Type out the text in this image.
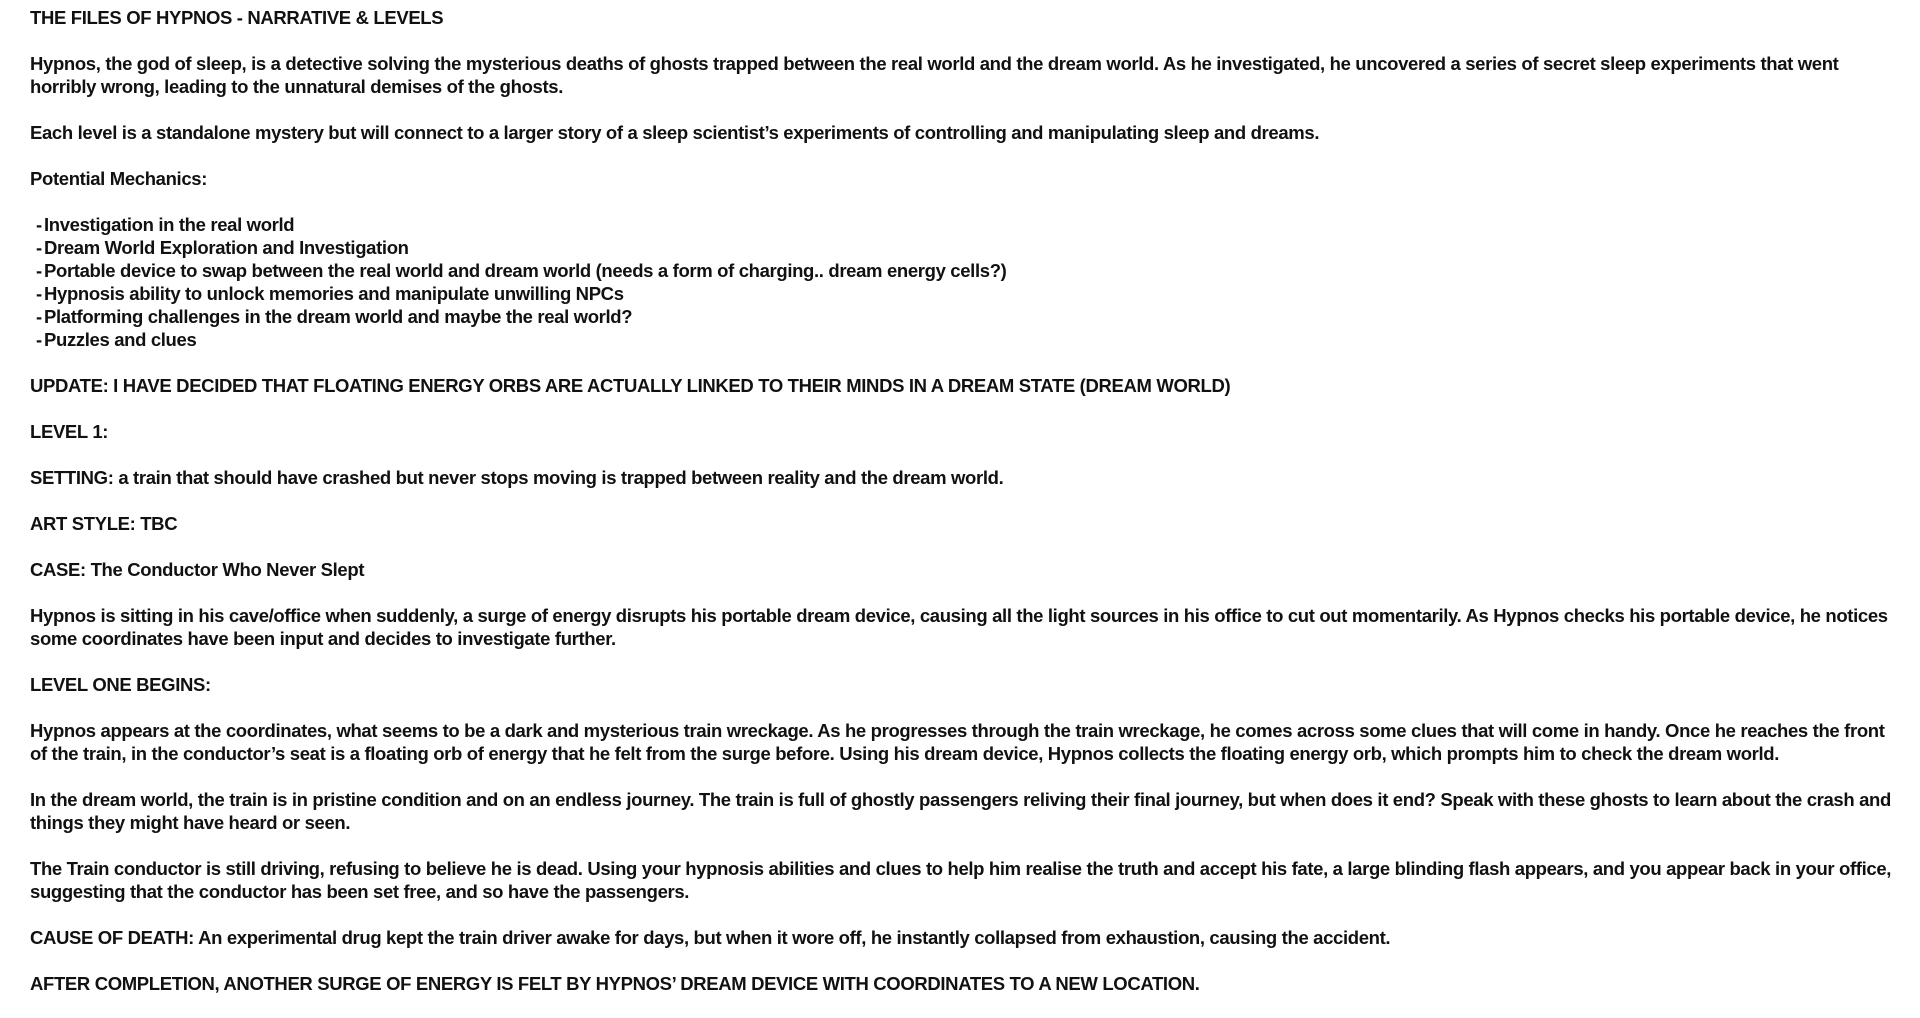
THE FILES OF HYPNOS - NARRATIVE & LEVELS

Hypnos, the god of sleep, is a detective solving the mysterious deaths of ghosts trapped between the real world and the dream world. As he investigated, he uncovered a series of secret sleep experiments that went horribly wrong, leading to the unnatural demises of the ghosts.

Each level is a standalone mystery but will connect to a larger story of a sleep scientist’s experiments of controlling and manipulating sleep and dreams.

Potential Mechanics:

- Investigation in the real world
- Dream World Exploration and Investigation
- Portable device to swap between the real world and dream world (needs a form of charging.. dream energy cells?)
- Hypnosis ability to unlock memories and manipulate unwilling NPCs
- Platforming challenges in the dream world and maybe the real world?
- Puzzles and clues

UPDATE: I HAVE DECIDED THAT FLOATING ENERGY ORBS ARE ACTUALLY LINKED TO THEIR MINDS IN A DREAM STATE (DREAM WORLD)

LEVEL 1:

SETTING: a train that should have crashed but never stops moving is trapped between reality and the dream world.

ART STYLE: TBC

CASE: The Conductor Who Never Slept

Hypnos is sitting in his cave/office when suddenly, a surge of energy disrupts his portable dream device, causing all the light sources in his office to cut out momentarily. As Hypnos checks his portable device, he notices some coordinates have been input and decides to investigate further.

LEVEL ONE BEGINS:

Hypnos appears at the coordinates, what seems to be a dark and mysterious train wreckage. As he progresses through the train wreckage, he comes across some clues that will come in handy. Once he reaches the front of the train, in the conductor’s seat is a floating orb of energy that he felt from the surge before. Using his dream device, Hypnos collects the floating energy orb, which prompts him to check the dream world.

In the dream world, the train is in pristine condition and on an endless journey. The train is full of ghostly passengers reliving their final journey, but when does it end? Speak with these ghosts to learn about the crash and things they might have heard or seen.

The Train conductor is still driving, refusing to believe he is dead. Using your hypnosis abilities and clues to help him realise the truth and accept his fate, a large blinding flash appears, and you appear back in your office, suggesting that the conductor has been set free, and so have the passengers.

CAUSE OF DEATH: An experimental drug kept the train driver awake for days, but when it wore off, he instantly collapsed from exhaustion, causing the accident.

AFTER COMPLETION, ANOTHER SURGE OF ENERGY IS FELT BY HYPNOS’ DREAM DEVICE WITH COORDINATES TO A NEW LOCATION.
